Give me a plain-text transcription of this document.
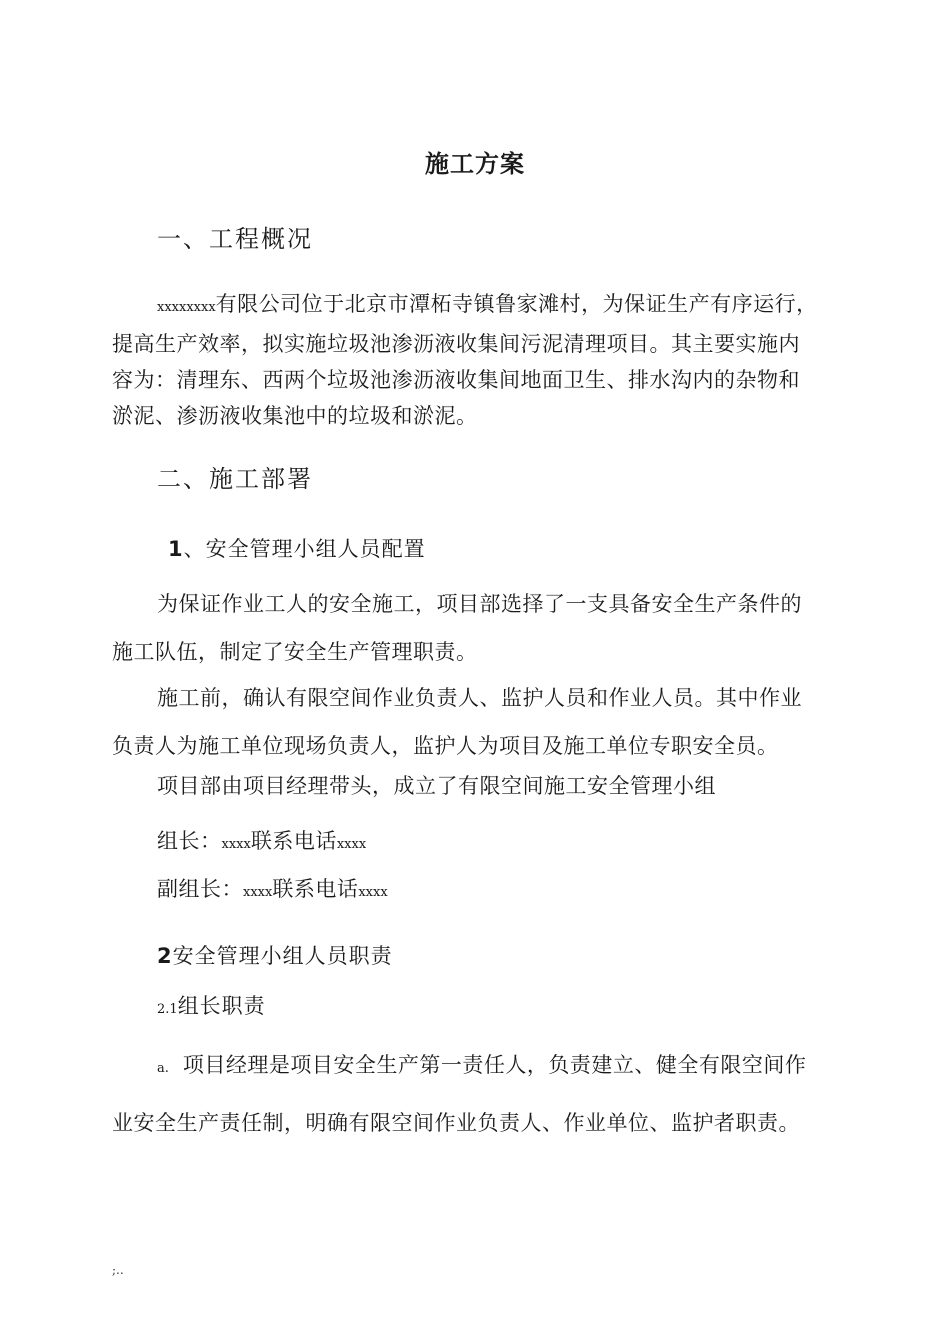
施工方案
一、工程概况
xxxxxxxx有限公司位于北京市潭柘寺镇鲁家滩村，为保证生产有序运行，
提高生产效率，拟实施垃圾池渗沥液收集间污泥清理项目。其主要实施内
容为：清理东、西两个垃圾池渗沥液收集间地面卫生、排水沟内的杂物和
淤泥、渗沥液收集池中的垃圾和淤泥。
二、施工部署
1、安全管理小组人员配置
为保证作业工人的安全施工，项目部选择了一支具备安全生产条件的
施工队伍，制定了安全生产管理职责。
施工前，确认有限空间作业负责人、监护人员和作业人员。其中作业
负责人为施工单位现场负责人，监护人为项目及施工单位专职安全员。
项目部由项目经理带头，成立了有限空间施工安全管理小组
组长：xxxx联系电话xxxx
副组长：xxxx联系电话xxxx
2安全管理小组人员职责
2.1组长职责
a. 项目经理是项目安全生产第一责任人，负责建立、健全有限空间作
业安全生产责任制，明确有限空间作业负责人、作业单位、监护者职责。
;..
